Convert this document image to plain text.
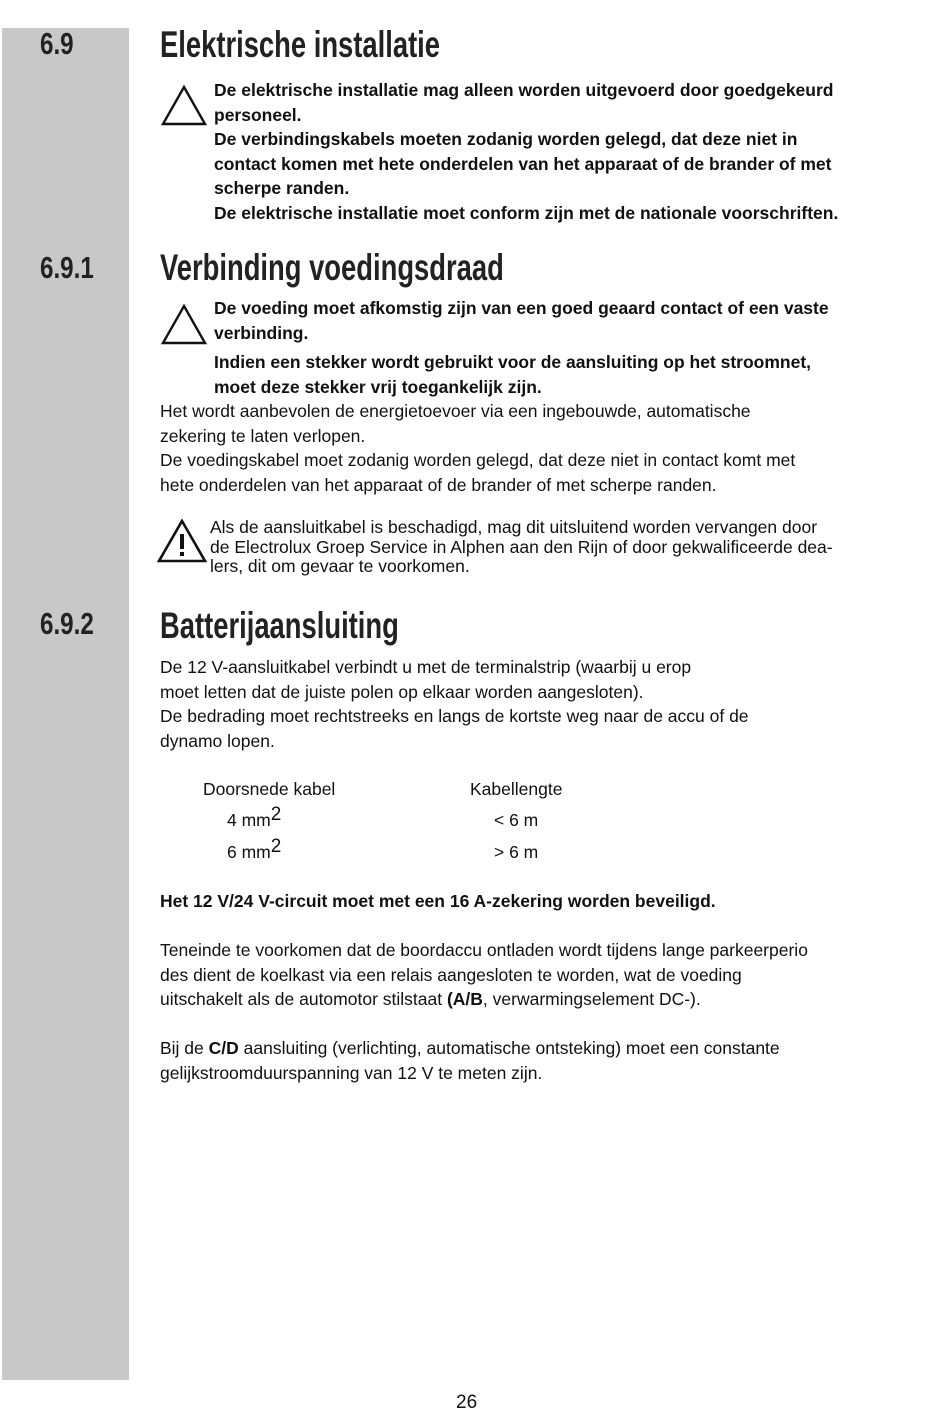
6.9 Elektrische installatie

De elektrische installatie mag alleen worden uitgevoerd door goedgekeurd

personeel.

De verbindingskabels moeten zodanig worden gelegd, dat deze niet in

contact komen met hete onderdelen van het apparaat of de brander of met

scherpe randen.

De elektrische installatie moet conform zijn met de nationale voorschriften.

6.9.1 Verbinding voedingsdraad

De voeding moet afkomstig zijn van een goed geaard contact of een vaste

verbinding.

Indien een stekker wordt gebruikt voor de aansluiting op het stroomnet,

moet deze stekker vrij toegankelijk zijn.

Het wordt aanbevolen de energietoevoer via een ingebouwde, automatische

zekering te laten verlopen.

De voedingskabel moet zodanig worden gelegd, dat deze niet in contact komt met

hete onderdelen van het apparaat of de brander of met scherpe randen.

Als de aansluitkabel is beschadigd, mag dit uitsluitend worden vervangen door
de Electrolux Groep Service in Alphen aan den Rijn of door gekwalificeerde dea-
lers, dit om gevaar te voorkomen.
6.9.2 Batterijaansluiting

De 12 V-aansluitkabel verbindt u met de terminalstrip (waarbij u erop

moet letten dat de juiste polen op elkaar worden aangesloten).

De bedrading moet rechtstreeks en langs de kortste weg naar de accu of de

dynamo lopen.

Doorsnede kabel	Kabellengte
4 $mm^2$	< 6 m
6 $mm^2$	> 6 m
Het 12 V/24 V-circuit moet met een 16 A-zekering worden beveiligd.

Teneinde te voorkomen dat de boordaccu ontladen wordt tijdens lange parkeerperio

des dient de koelkast via een relais aangesloten te worden, wat de voeding

uitschakelt als de automotor stilstaat (A/B, verwarmingselement DC-).

Bij de C/D aansluiting (verlichting, automatische ontsteking) moet een constante

gelijkstroomduurspanning van 12 V te meten zijn.

26
